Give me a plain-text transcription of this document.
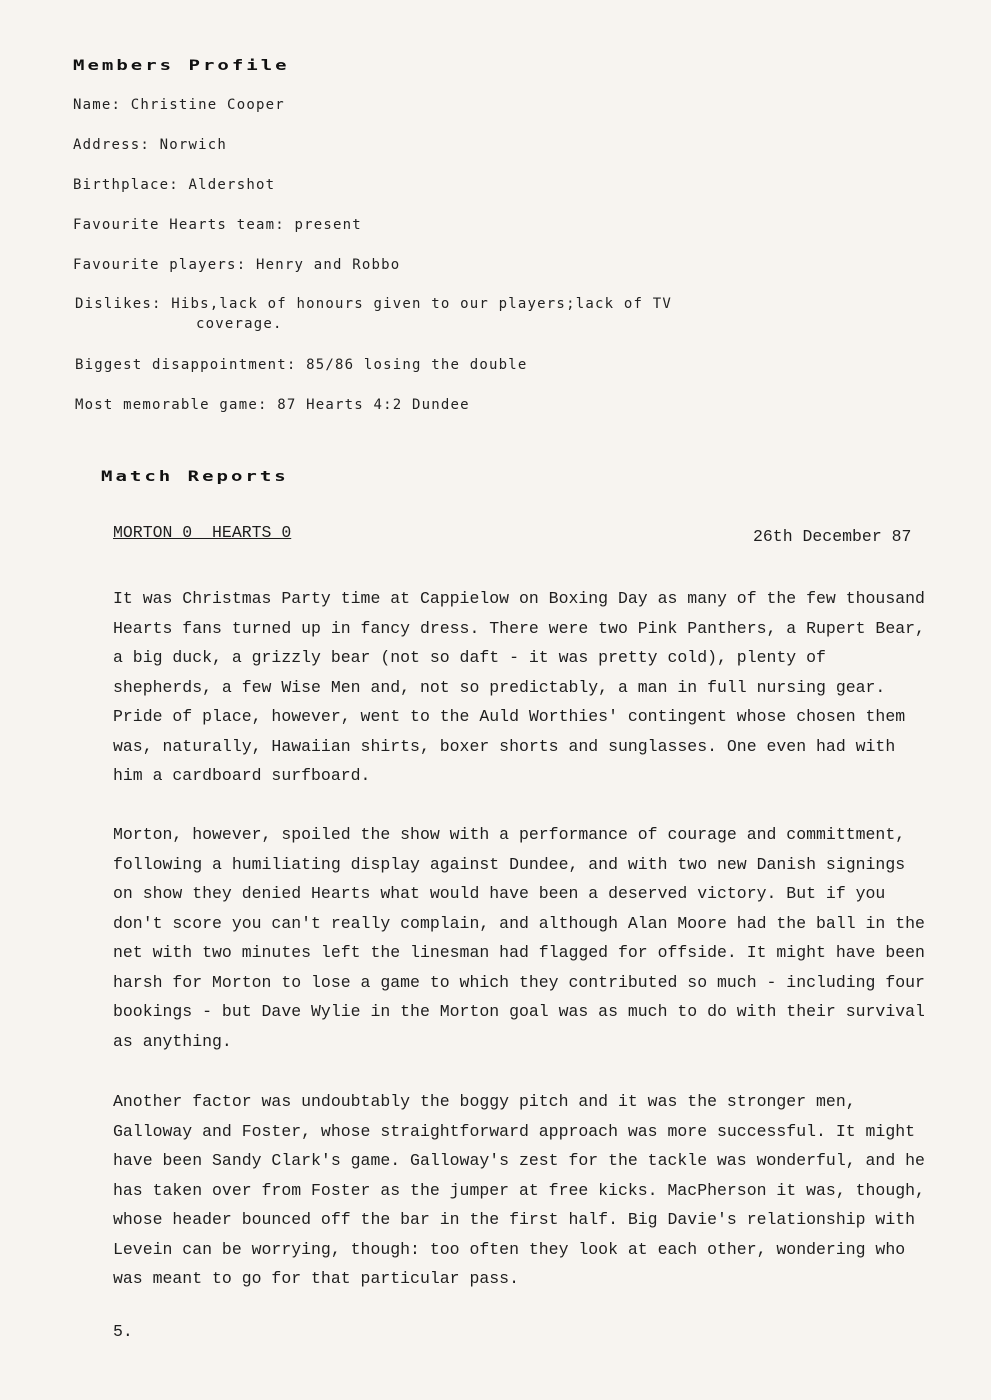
Members Profile
Name: Christine Cooper
Address: Norwich
Birthplace: Aldershot
Favourite Hearts team: present
Favourite players: Henry and Robbo
Dislikes: Hibs,lack of honours given to our players;lack of TV

coverage.
Biggest disappointment: 85/86 losing the double
Most memorable game: 87 Hearts 4:2 Dundee
Match Reports
MORTON 0  HEARTS 0	26th December 87

It was Christmas Party time at Cappielow on Boxing Day as many of the few thousand Hearts fans turned up in fancy dress. There were two Pink Panthers, a Rupert Bear, a big duck, a grizzly bear (not so daft - it was pretty cold), plenty of shepherds, a few Wise Men and, not so predictably, a man in full nursing gear. Pride of place, however, went to the Auld Worthies' contingent whose chosen them was, naturally, Hawaiian shirts, boxer shorts and sunglasses. One even had with him a cardboard surfboard.

Morton, however, spoiled the show with a performance of courage and committment, following a humiliating display against Dundee, and with two new Danish signings on show they denied Hearts what would have been a deserved victory. But if you don't score you can't really complain, and although Alan Moore had the ball in the net with two minutes left the linesman had flagged for offside. It might have been harsh for Morton to lose a game to which they contributed so much - including four bookings - but Dave Wylie in the Morton goal was as much to do with their survival as anything.

Another factor was undoubtably the boggy pitch and it was the stronger men, Galloway and Foster, whose straightforward approach was more successful. It might have been Sandy Clark's game. Galloway's zest for the tackle was wonderful, and he has taken over from Foster as the jumper at free kicks. MacPherson it was, though, whose header bounced off the bar in the first half. Big Davie's relationship with Levein can be worrying, though: too often they look at each other, wondering who was meant to go for that particular pass.

5.
